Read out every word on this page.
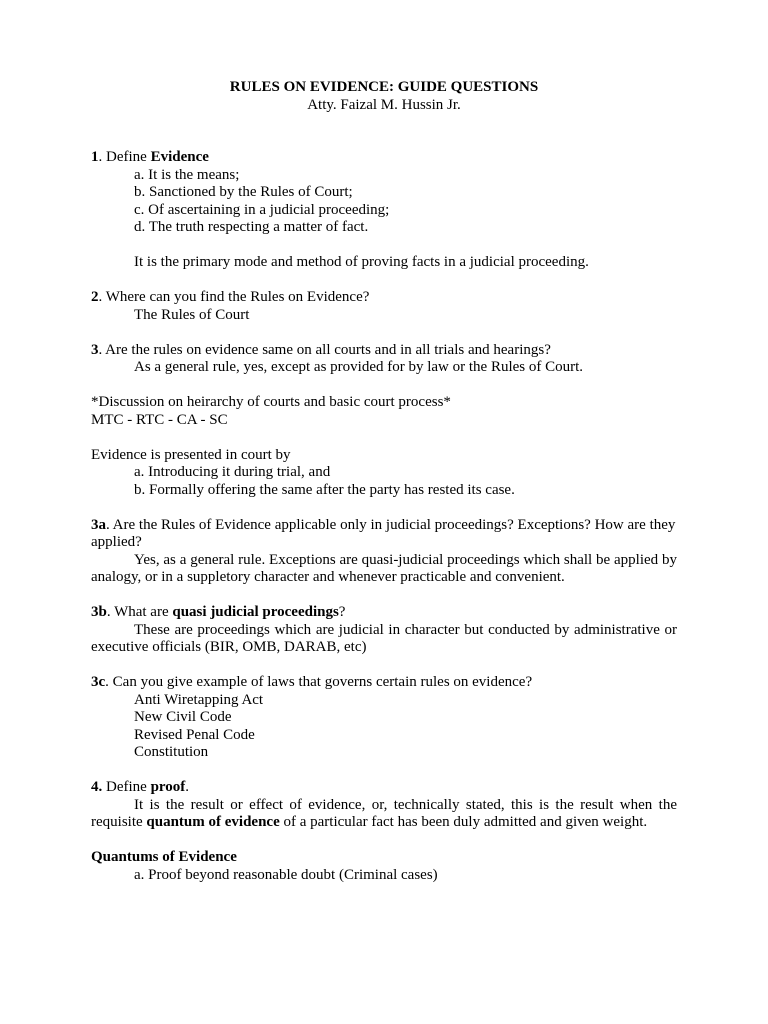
RULES ON EVIDENCE: GUIDE QUESTIONS
Atty. Faizal M. Hussin Jr.
1. Define Evidence
a. It is the means;
b. Sanctioned by the Rules of Court;
c. Of ascertaining in a judicial proceeding;
d. The truth respecting a matter of fact.
It is the primary mode and method of proving facts in a judicial proceeding.
2. Where can you find the Rules on Evidence?
The Rules of Court
3. Are the rules on evidence same on all courts and in all trials and hearings?
As a general rule, yes, except as provided for by law or the Rules of Court.
*Discussion on heirarchy of courts and basic court process*
MTC - RTC - CA - SC
Evidence is presented in court by
a. Introducing it during trial, and
b. Formally offering the same after the party has rested its case.
3a. Are the Rules of Evidence applicable only in judicial proceedings? Exceptions? How are they applied?
Yes, as a general rule. Exceptions are quasi-judicial proceedings which shall be applied by analogy, or in a suppletory character and whenever practicable and convenient.
3b. What are quasi judicial proceedings?
These are proceedings which are judicial in character but conducted by administrative or executive officials (BIR, OMB, DARAB, etc)
3c. Can you give example of laws that governs certain rules on evidence?
Anti Wiretapping Act
New Civil Code
Revised Penal Code
Constitution
4. Define proof.
It is the result or effect of evidence, or, technically stated, this is the result when the requisite quantum of evidence of a particular fact has been duly admitted and given weight.
Quantums of Evidence
a. Proof beyond reasonable doubt (Criminal cases)
